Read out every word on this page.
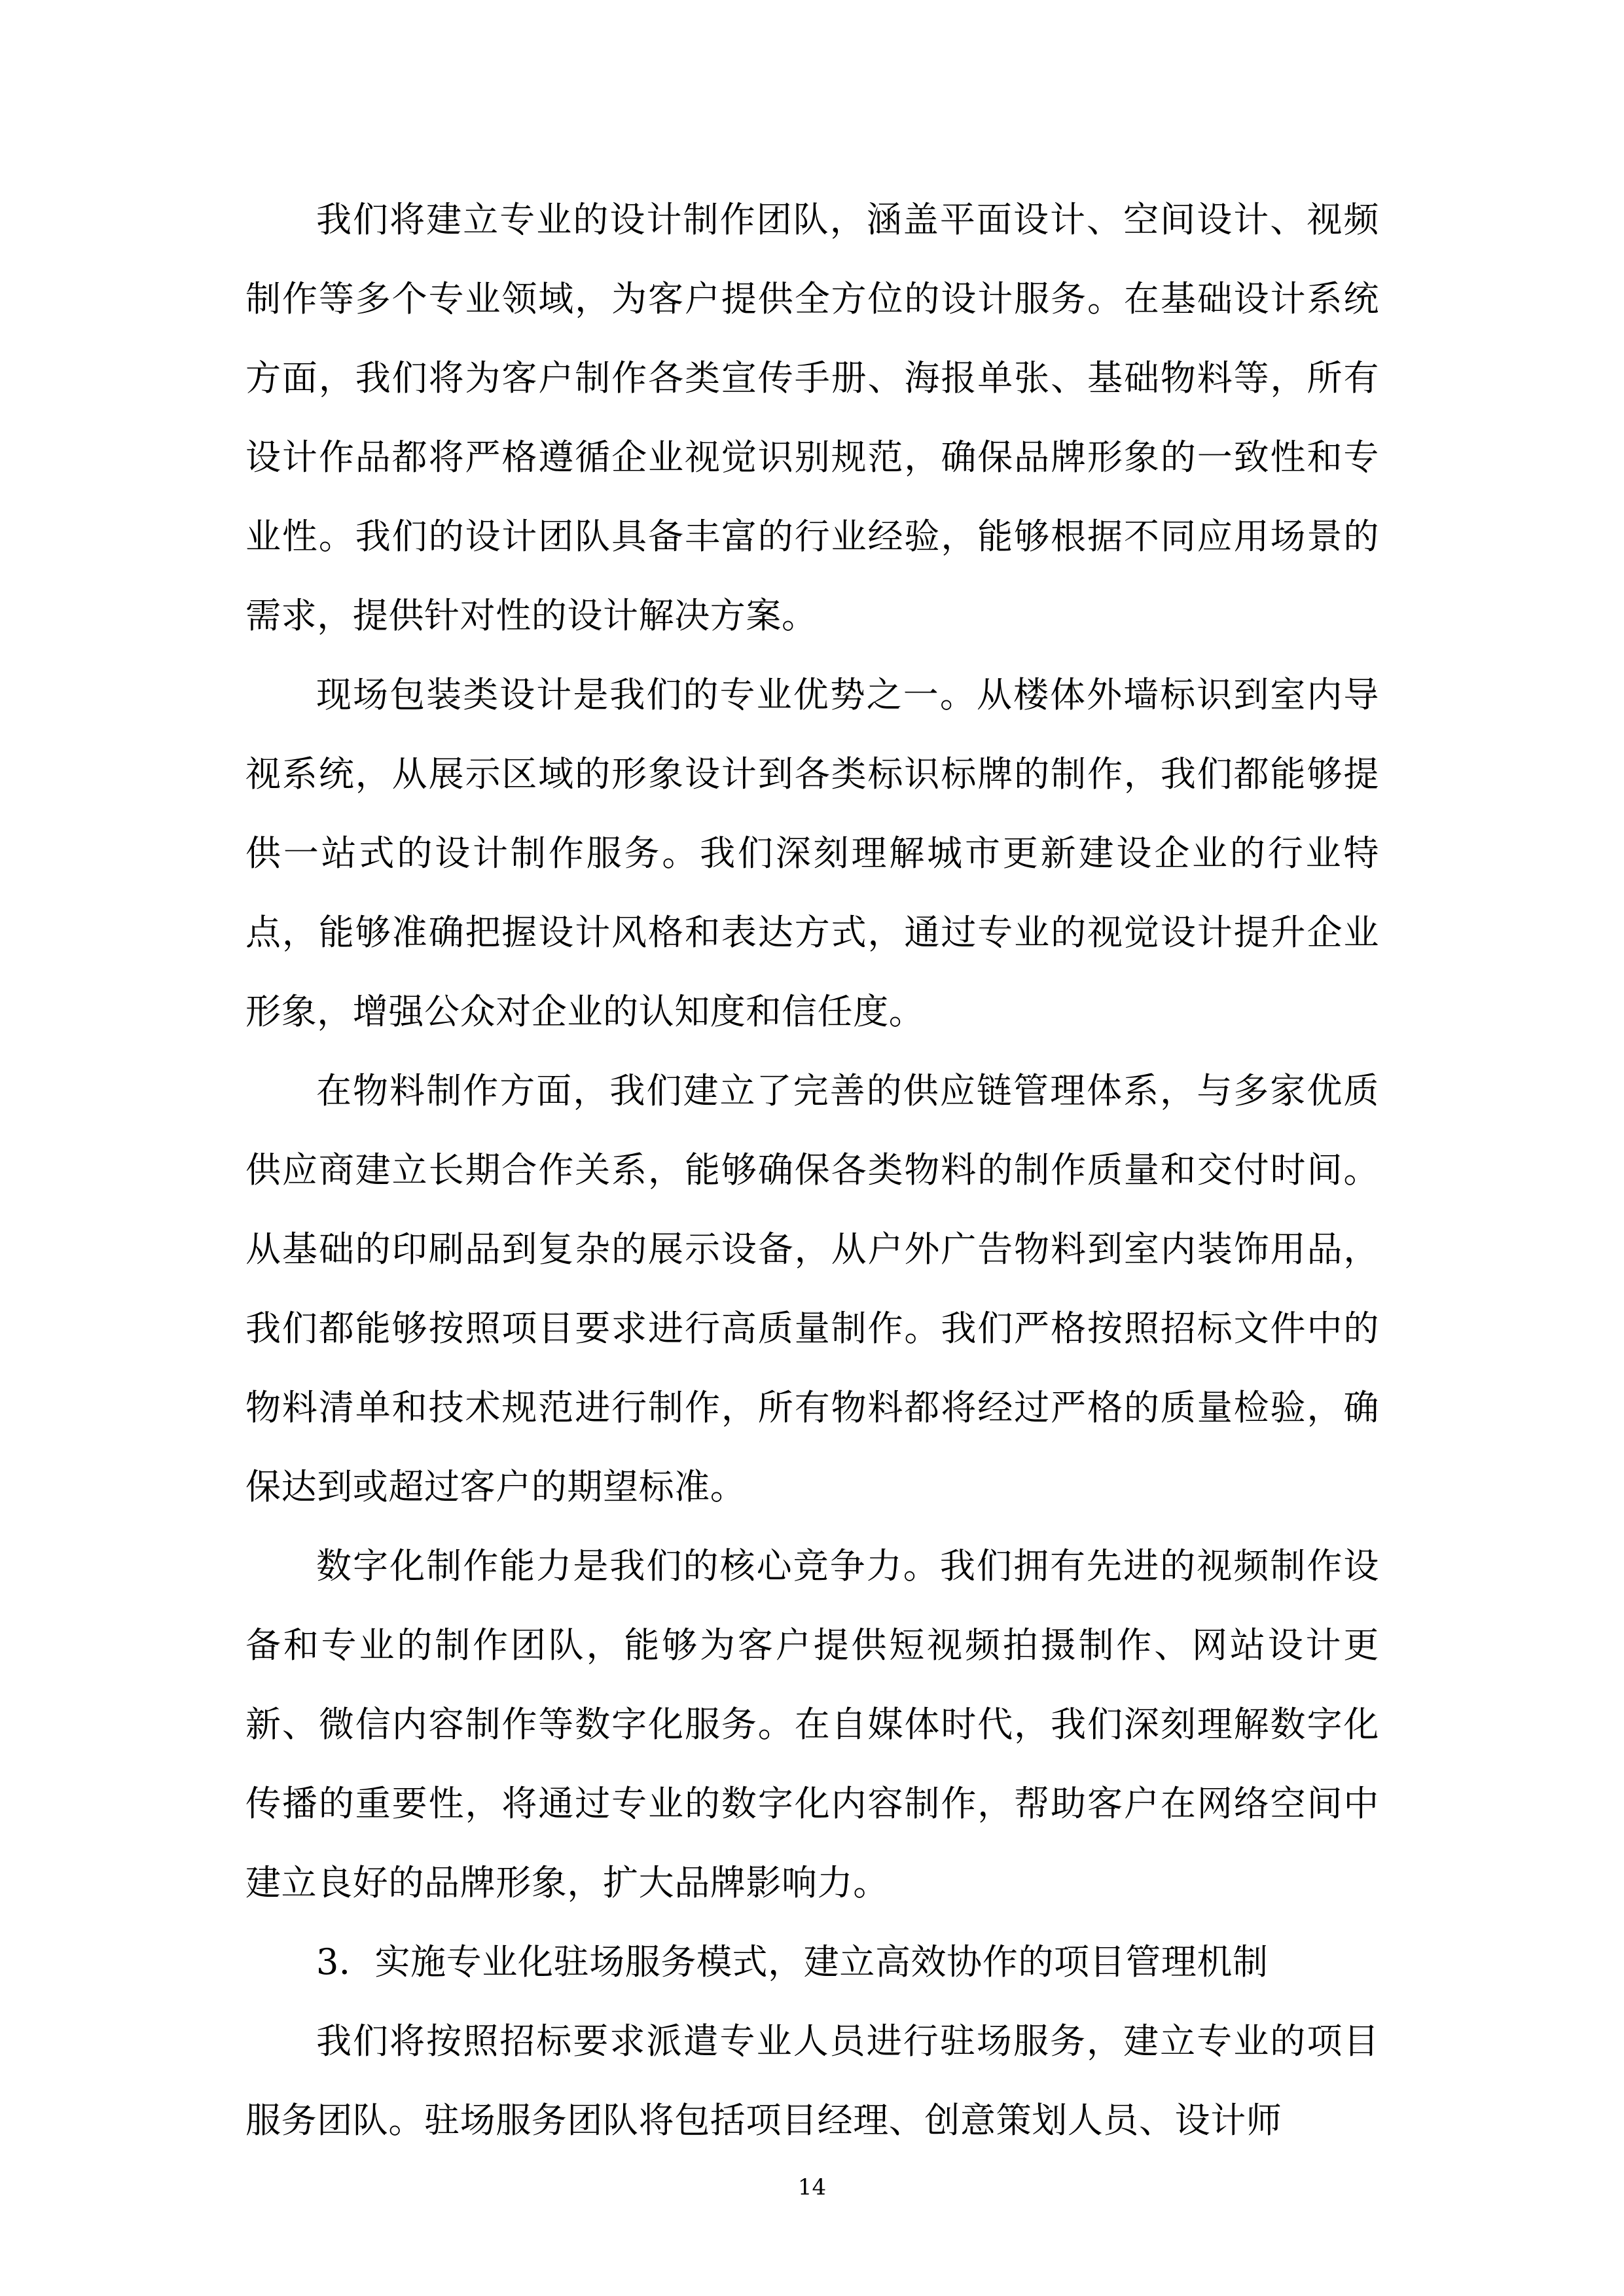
我们将建立专业的设计制作团队，涵盖平面设计、空间设计、视频制作等多个专业领域，为客户提供全方位的设计服务。在基础设计系统方面，我们将为客户制作各类宣传手册、海报单张、基础物料等，所有设计作品都将严格遵循企业视觉识别规范，确保品牌形象的一致性和专业性。我们的设计团队具备丰富的行业经验，能够根据不同应用场景的需求，提供针对性的设计解决方案。

现场包装类设计是我们的专业优势之一。从楼体外墙标识到室内导视系统，从展示区域的形象设计到各类标识标牌的制作，我们都能够提供一站式的设计制作服务。我们深刻理解城市更新建设企业的行业特点，能够准确把握设计风格和表达方式，通过专业的视觉设计提升企业形象，增强公众对企业的认知度和信任度。

在物料制作方面，我们建立了完善的供应链管理体系，与多家优质供应商建立长期合作关系，能够确保各类物料的制作质量和交付时间。从基础的印刷品到复杂的展示设备，从户外广告物料到室内装饰用品，我们都能够按照项目要求进行高质量制作。我们严格按照招标文件中的物料清单和技术规范进行制作，所有物料都将经过严格的质量检验，确保达到或超过客户的期望标准。

数字化制作能力是我们的核心竞争力。我们拥有先进的视频制作设备和专业的制作团队，能够为客户提供短视频拍摄制作、网站设计更新、微信内容制作等数字化服务。在自媒体时代，我们深刻理解数字化传播的重要性，将通过专业的数字化内容制作，帮助客户在网络空间中建立良好的品牌形象，扩大品牌影响力。

3．实施专业化驻场服务模式，建立高效协作的项目管理机制

我们将按照招标要求派遣专业人员进行驻场服务，建立专业的项目服务团队。驻场服务团队将包括项目经理、创意策划人员、设计师

14
